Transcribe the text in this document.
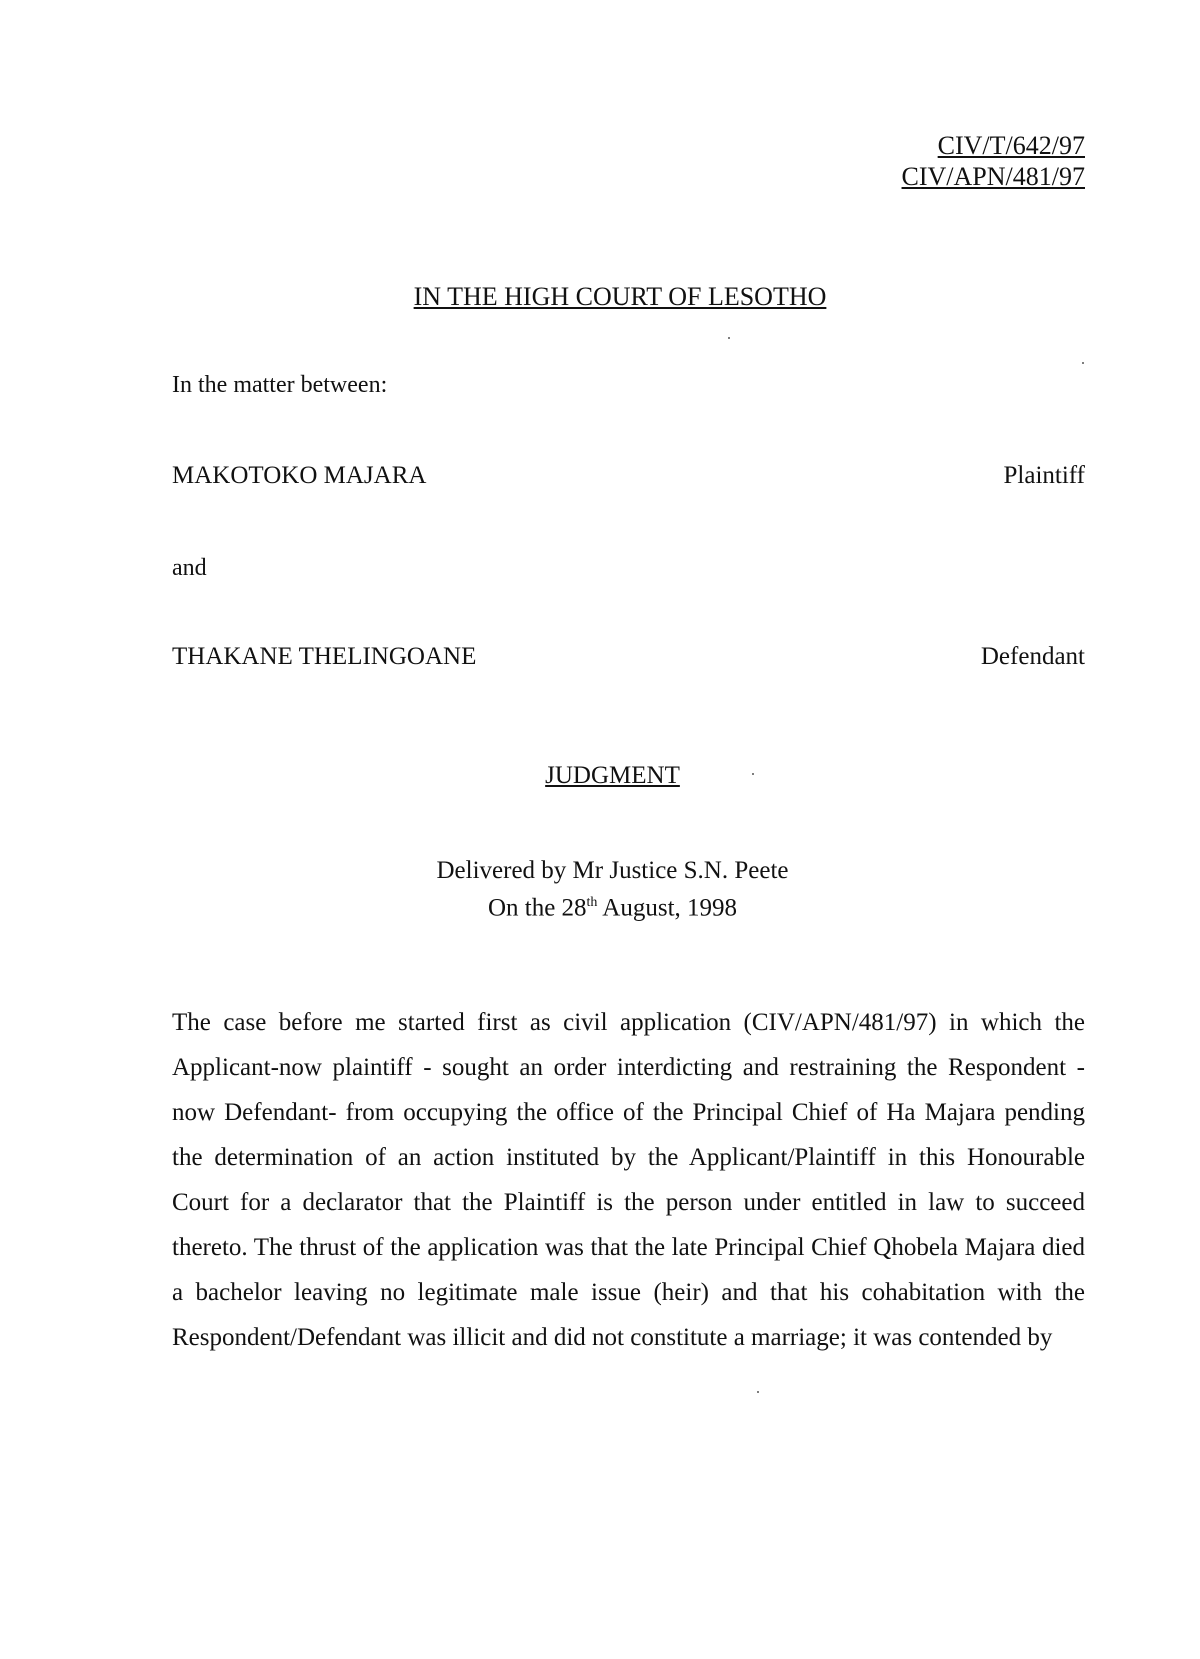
CIV/T/642/97
CIV/APN/481/97
IN THE HIGH COURT OF LESOTHO
In the matter between:
MAKOTOKO MAJARA	Plaintiff
and
THAKANE THELINGOANE	Defendant
JUDGMENT
Delivered by Mr Justice S.N. Peete
On the 28th August, 1998
The case before me started first as civil application (CIV/APN/481/97) in which the Applicant-now plaintiff - sought an order interdicting and restraining the Respondent - now Defendant- from occupying the office of the Principal Chief of Ha Majara pending the determination of an action instituted by the Applicant/Plaintiff in this Honourable Court for a declarator that the Plaintiff is the person under entitled in law to succeed thereto. The thrust of the application was that the late Principal Chief Qhobela Majara died a bachelor leaving no legitimate male issue (heir) and that his cohabitation with the Respondent/Defendant was illicit and did not constitute a marriage; it was contended by
